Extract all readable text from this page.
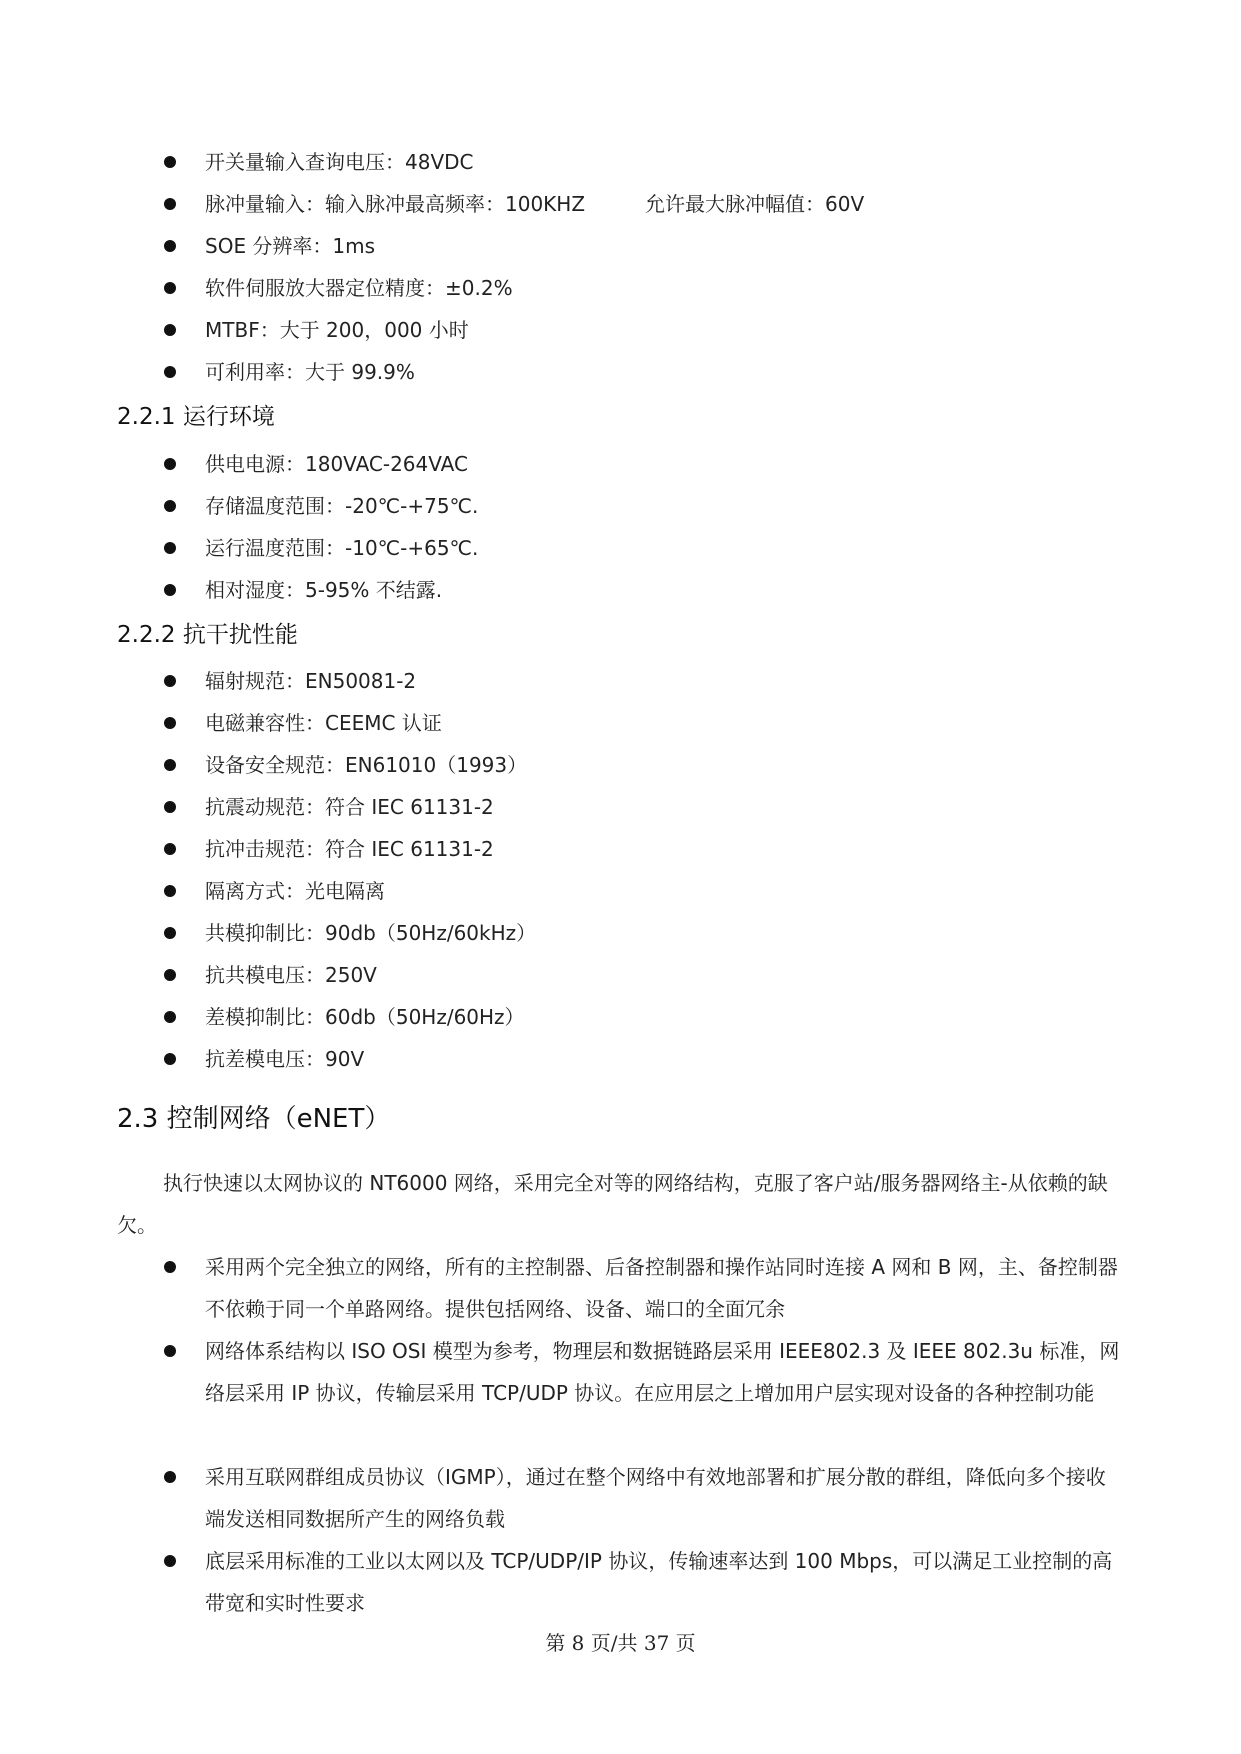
开关量输入查询电压：48VDC
脉冲量输入：输入脉冲最高频率：100KHZ　　　允许最大脉冲幅值：60V
SOE 分辨率：1ms
软件伺服放大器定位精度：±0.2%
MTBF：大于 200，000 小时
可利用率：大于 99.9%
2.2.1 运行环境
供电电源：180VAC-264VAC
存储温度范围：-20℃-+75℃.
运行温度范围：-10℃-+65℃.
相对湿度：5-95% 不结露.
2.2.2 抗干扰性能
辐射规范：EN50081-2
电磁兼容性：CEEMC 认证
设备安全规范：EN61010（1993）
抗震动规范：符合 IEC 61131-2
抗冲击规范：符合 IEC 61131-2
隔离方式：光电隔离
共模抑制比：90db（50Hz/60kHz）
抗共模电压：250V
差模抑制比：60db（50Hz/60Hz）
抗差模电压：90V
2.3 控制网络（eNET）
执行快速以太网协议的 NT6000 网络，采用完全对等的网络结构，克服了客户站/服务器网络主-从依赖的缺欠。
采用两个完全独立的网络，所有的主控制器、后备控制器和操作站同时连接 A 网和 B 网，主、备控制器不依赖于同一个单路网络。提供包括网络、设备、端口的全面冗余
网络体系结构以 ISO OSI 模型为参考，物理层和数据链路层采用 IEEE802.3 及 IEEE 802.3u 标准，网络层采用 IP 协议，传输层采用 TCP/UDP 协议。在应用层之上增加用户层实现对设备的各种控制功能
采用互联网群组成员协议（IGMP），通过在整个网络中有效地部署和扩展分散的群组，降低向多个接收端发送相同数据所产生的网络负载
底层采用标准的工业以太网以及 TCP/UDP/IP 协议，传输速率达到 100 Mbps，可以满足工业控制的高带宽和实时性要求
第 8 页/共 37 页
